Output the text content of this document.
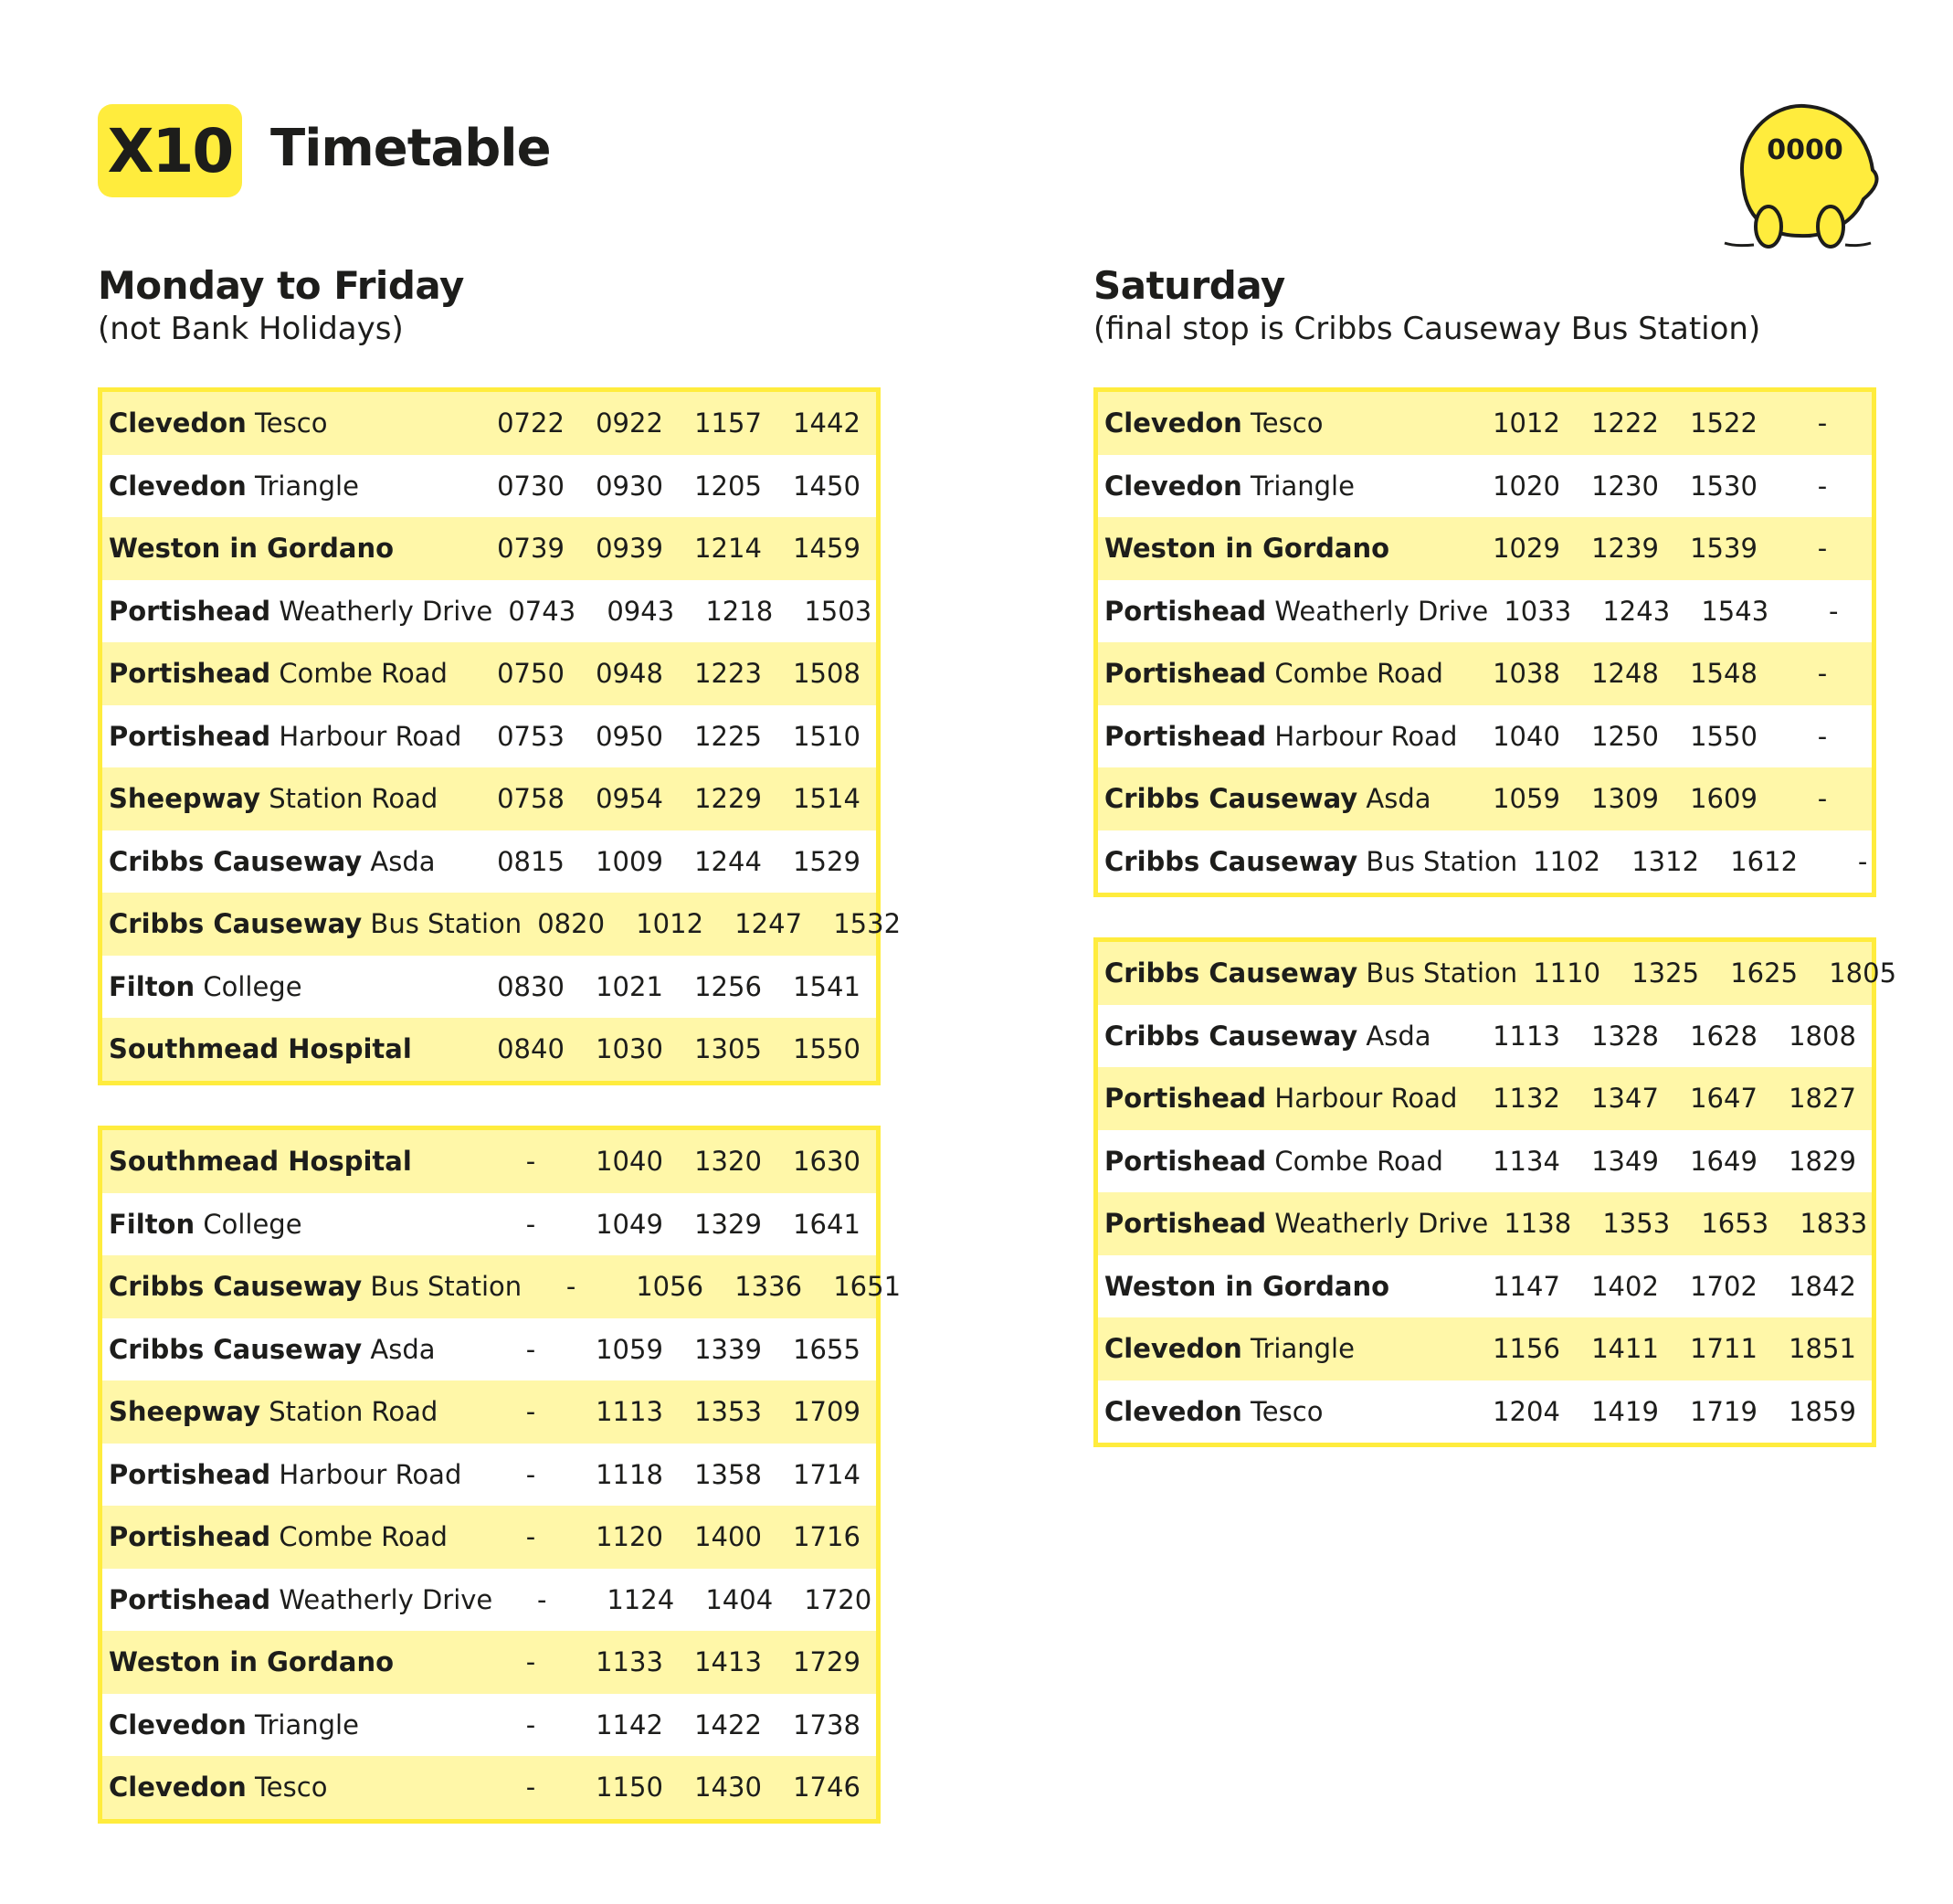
X10 Timetable	0000
Monday to Friday
(not Bank Holidays)
Clevedon Tesco	0722	0922	1157	1442
Clevedon Triangle	0730	0930	1205	1450
Weston in Gordano	0739	0939	1214	1459
Portishead Weatherly Drive 0743	0943	1218	1503
Portishead Combe Road	0750	0948	1223	1508
Portishead Harbour Road	0753	0950	1225	1510
Sheepway Station Road	0758	0954	1229	1514
Cribbs Causeway Asda	0815	1009	1244	1529
Cribbs Causeway Bus Station 0820	1012	1247	1532
Filton College	0830	1021	1256	1541
Southmead Hospital	0840	1030	1305	1550
Southmead Hospital	-	1040	1320	1630
Filton College	-	1049	1329	1641
Cribbs Causeway Bus Station	-	1056	1336	1651
Cribbs Causeway Asda	-	1059	1339	1655
Sheepway Station Road	-	1113	1353	1709
Portishead Harbour Road	-	1118	1358	1714
Portishead Combe Road	-	1120	1400	1716
Portishead Weatherly Drive	-	1124	1404	1720
Weston in Gordano	-	1133	1413	1729
Clevedon Triangle	-	1142	1422	1738
Clevedon Tesco	-	1150	1430	1746
Saturday
(final stop is Cribbs Causeway Bus Station)
Clevedon Tesco	1012	1222	1522	-
Clevedon Triangle	1020	1230	1530	-
Weston in Gordano	1029	1239	1539	-
Portishead Weatherly Drive 1033	1243	1543	-
Portishead Combe Road	1038	1248	1548	-
Portishead Harbour Road	1040	1250	1550	-
Cribbs Causeway Asda	1059	1309	1609	-
Cribbs Causeway Bus Station 1102	1312	1612	-
Cribbs Causeway Bus Station 1110	1325	1625	1805
Cribbs Causeway Asda	1113	1328	1628	1808
Portishead Harbour Road	1132	1347	1647	1827
Portishead Combe Road	1134	1349	1649	1829
Portishead Weatherly Drive 1138	1353	1653	1833
Weston in Gordano	1147	1402	1702	1842
Clevedon Triangle	1156	1411	1711	1851
Clevedon Tesco	1204	1419	1719	1859
